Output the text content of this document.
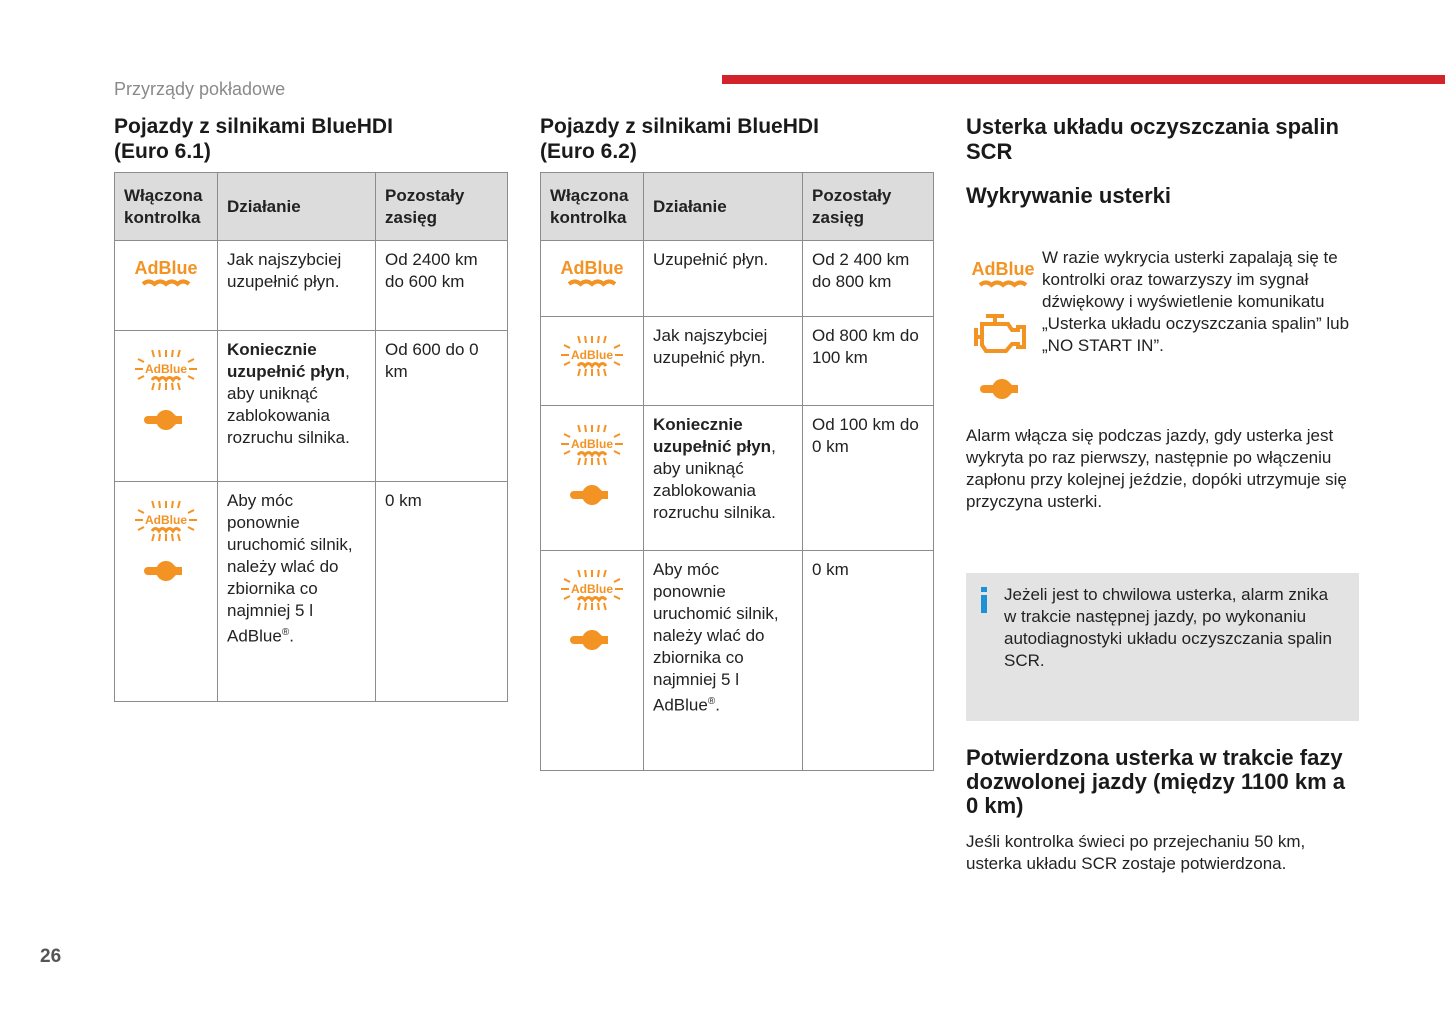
Przyrządy pokładowe
Pojazdy z silnikami BlueHDI (Euro 6.1)
Włączona kontrolka	Działanie	Pozostały zasięg

AdBlue	Jak najszybciej uzupełnić płyn.	Od 2400 km do 600 km

AdBlue	Koniecznie uzupełnić płyn, aby uniknąć zablokowania rozruchu silnika.	Od 600 do 0 km

AdBlue	Aby móc ponownie uruchomić silnik, należy wlać do zbiornika co najmniej 5 l AdBlue®.	0 km
Pojazdy z silnikami BlueHDI (Euro 6.2)
Włączona kontrolka	Działanie	Pozostały zasięg

AdBlue	Uzupełnić płyn.	Od 2 400 km do 800 km

AdBlue	Jak najszybciej uzupełnić płyn.	Od 800 km do 100 km

AdBlue	Koniecznie uzupełnić płyn, aby uniknąć zablokowania rozruchu silnika.	Od 100 km do 0 km

AdBlue	Aby móc ponownie uruchomić silnik, należy wlać do zbiornika co najmniej 5 l AdBlue®.	0 km
Usterka układu oczyszczania spalin SCR
Wykrywanie usterki
AdBlue
W razie wykrycia usterki zapalają się te kontrolki oraz towarzyszy im sygnał dźwiękowy i wyświetlenie komunikatu „Usterka układu oczyszczania spalin” lub „NO START IN”.
Alarm włącza się podczas jazdy, gdy usterka jest wykryta po raz pierwszy, następnie po włączeniu zapłonu przy kolejnej jeździe, dopóki utrzymuje się przyczyna usterki.
Jeżeli jest to chwilowa usterka, alarm znika w trakcie następnej jazdy, po wykonaniu autodiagnostyki układu oczyszczania spalin SCR.
Potwierdzona usterka w trakcie fazy dozwolonej jazdy (między 1100 km a 0 km)
Jeśli kontrolka świeci po przejechaniu 50 km, usterka układu SCR zostaje potwierdzona.
26
